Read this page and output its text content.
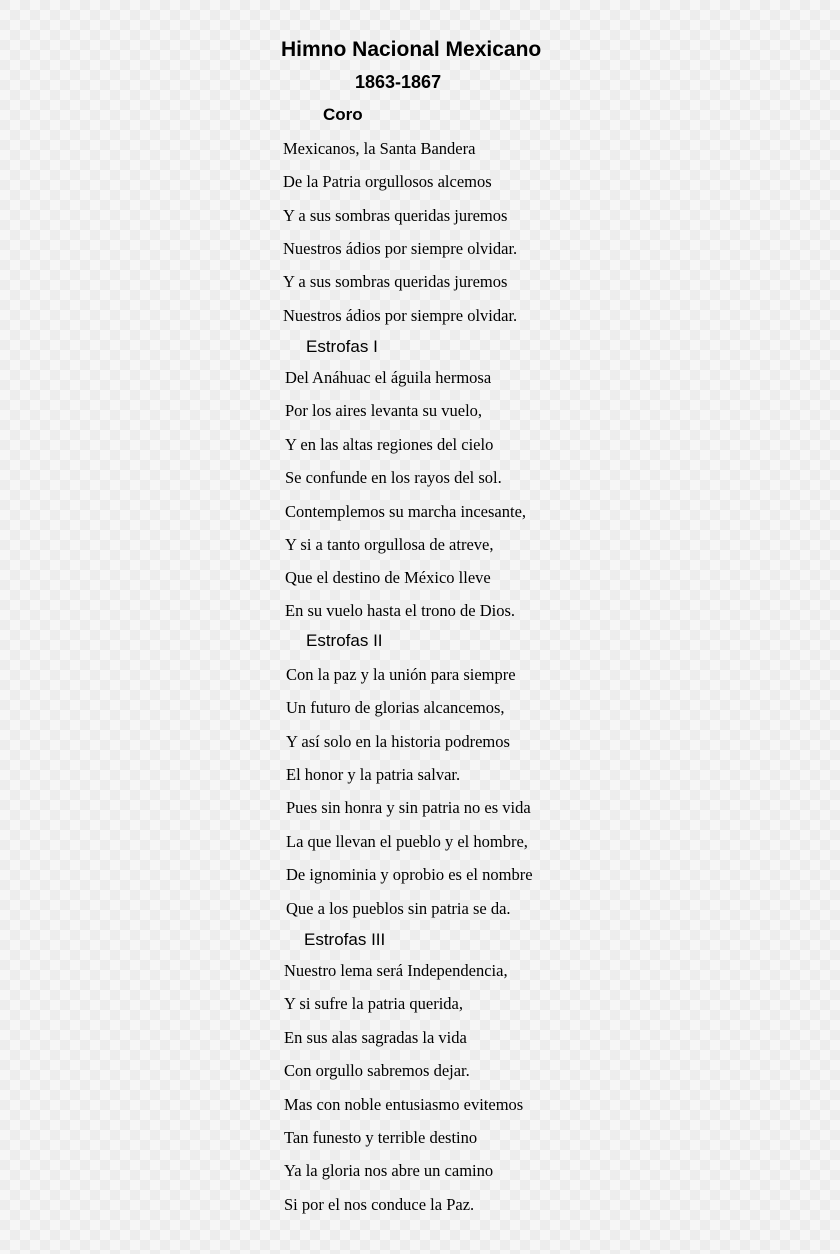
Himno Nacional Mexicano
1863-1867
Coro
Mexicanos, la Santa Bandera
De la Patria orgullosos alcemos
Y a sus sombras queridas juremos
Nuestros ádios por siempre olvidar.
Y a sus sombras queridas juremos
Nuestros ádios por siempre olvidar.
Estrofas I
Del Anáhuac el águila hermosa
Por los aires levanta su vuelo,
Y en las altas regiones del cielo
Se confunde en los rayos del sol.
Contemplemos su marcha incesante,
Y si a tanto orgullosa de atreve,
Que el destino de México lleve
En su vuelo hasta el trono de Dios.
Estrofas II
Con la paz y la unión para siempre
Un futuro de glorias alcancemos,
Y así solo en la historia podremos
El honor y la patria salvar.
Pues sin honra y sin patria no es vida
La que llevan el pueblo y el hombre,
De ignominia y oprobio es el nombre
Que a los pueblos sin patria se da.
Estrofas III
Nuestro lema será Independencia,
Y si sufre la patria querida,
En sus alas sagradas la vida
Con orgullo sabremos dejar.
Mas con noble entusiasmo evitemos
Tan funesto y terrible destino
Ya la gloria nos abre un camino
Si por el nos conduce la Paz.
